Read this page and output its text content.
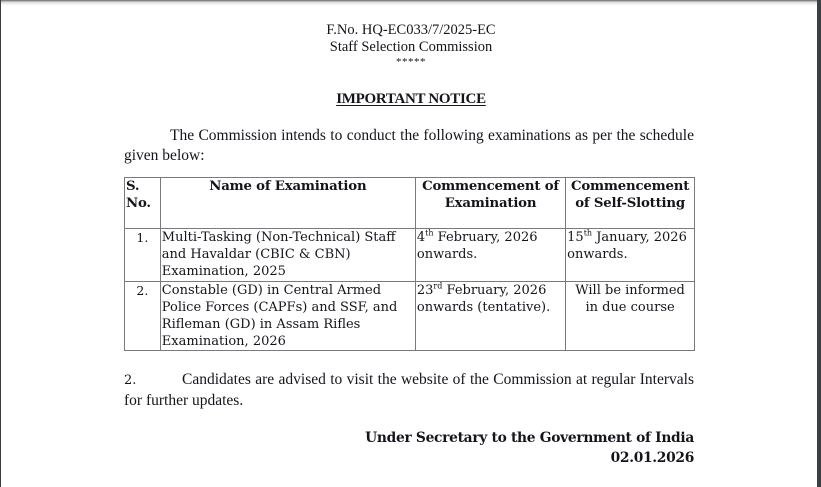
F.No. HQ-EC033/7/2025-EC
Staff Selection Commission
*****
IMPORTANT NOTICE
The Commission intends to conduct the following examinations as per the schedule given below:
S. No.	Name of Examination	Commencement of Examination	Commencement of Self-Slotting
1.	Multi-Tasking (Non-Technical) Staff and Havaldar (CBIC & CBN) Examination, 2025	4th February, 2026 onwards.	15th January, 2026 onwards.
2.	Constable (GD) in Central Armed Police Forces (CAPFs) and SSF, and Rifleman (GD) in Assam Rifles Examination, 2026	23rd February, 2026 onwards (tentative).	Will be informed in due course
2.	Candidates are advised to visit the website of the Commission at regular Intervals for further updates.
Under Secretary to the Government of India
02.01.2026
